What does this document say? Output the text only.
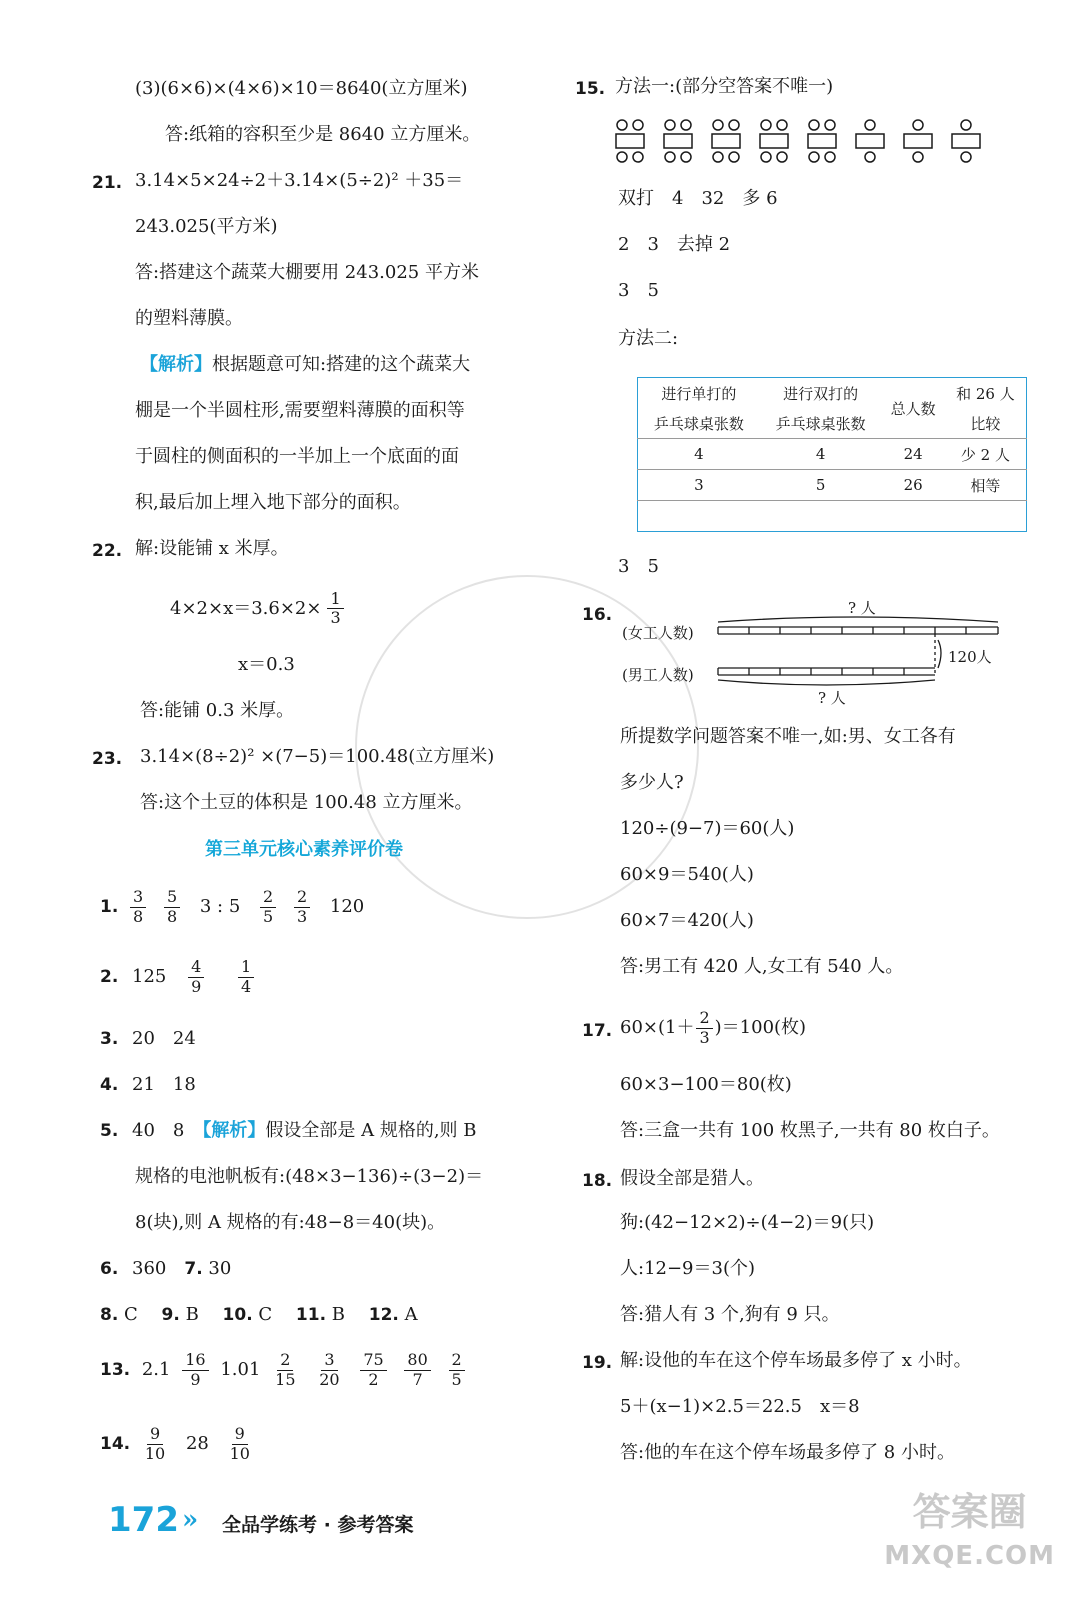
(3)(6×6)×(4×6)×10＝8640(立方厘米)
答:纸箱的容积至少是 8640 立方厘米。
21. 3.14×5×24÷2＋3.14×(5÷2)² ＋35＝
243.025(平方米)
答:搭建这个蔬菜大棚要用 243.025 平方米
的塑料薄膜。
【解析】根据题意可知:搭建的这个蔬菜大
棚是一个半圆柱形,需要塑料薄膜的面积等
于圆柱的侧面积的一半加上一个底面的面
积,最后加上埋入地下部分的面积。
22. 解:设能铺 x 米厚。
$4\times 2\times x=3.6\times 2\times \frac{1}{3}$
x＝0.3
答:能铺 0.3 米厚。
23. 3.14×(8÷2)² ×(7−5)＝100.48(立方厘米)
答:这个土豆的体积是 100.48 立方厘米。
第三单元核心素养评价卷
1. $\frac{3}{8}$
$\frac{5}{8} 3$ : $5 \frac{2}{5}$
$\frac{2}{3} 120$
2. $125 \frac{4}{9}$
$\frac{1}{4}$
3. 20　24
4. 21　18
5. 40　8　 【解析】假设全部是 A 规格的,则 B
规格的电池帆板有:(48×3−136)÷(3−2)＝
8(块),则 A 规格的有:48−8＝40(块)。
6. 360　 7. 30
8. C　 9. B　 10. C　 11. B　 12. A
13. $2.1 \frac{16}{9} 1.01 \frac{2}{15}$
$\frac{3}{20}$
$\frac{75}{2}$
$\frac{80}{7}$
$\frac{2}{5}$
14. $\frac{9}{10} 28 \frac{9}{10}$
15. 方法一:(部分空答案不唯一)
双打　4　32　多 6
2　3　去掉 2
3　5
方法二:
进行单打的	进行双打的	总人数	和 26 人
乒乓球桌张数	乒乓球桌张数		比较
4	4	24	少 2 人
3	5	26	相等

3　5
16.
(女工人数)
(男工人数)
? 人
? 人
120人
所提数学问题答案不唯一,如:男、女工各有
多少人?
120÷(9−7)＝60(人)
60×9＝540(人)
60×7＝420(人)
答:男工有 420 人,女工有 540 人。
17. $60\times(1+ \frac{2}{3} )=100$(枚)
60×3−100＝80(枚)
答:三盒一共有 100 枚黑子,一共有 80 枚白子。
18. 假设全部是猎人。
狗:(42−12×2)÷(4−2)＝9(只)
人:12−9＝3(个)
答:猎人有 3 个,狗有 9 只。
19. 解:设他的车在这个停车场最多停了 x 小时。
5＋(x−1)×2.5＝22.5　x＝8
答:他的车在这个停车场最多停了 8 小时。
172 » 全品学练考 · 参考答案	答案圈
MXQE.COM
